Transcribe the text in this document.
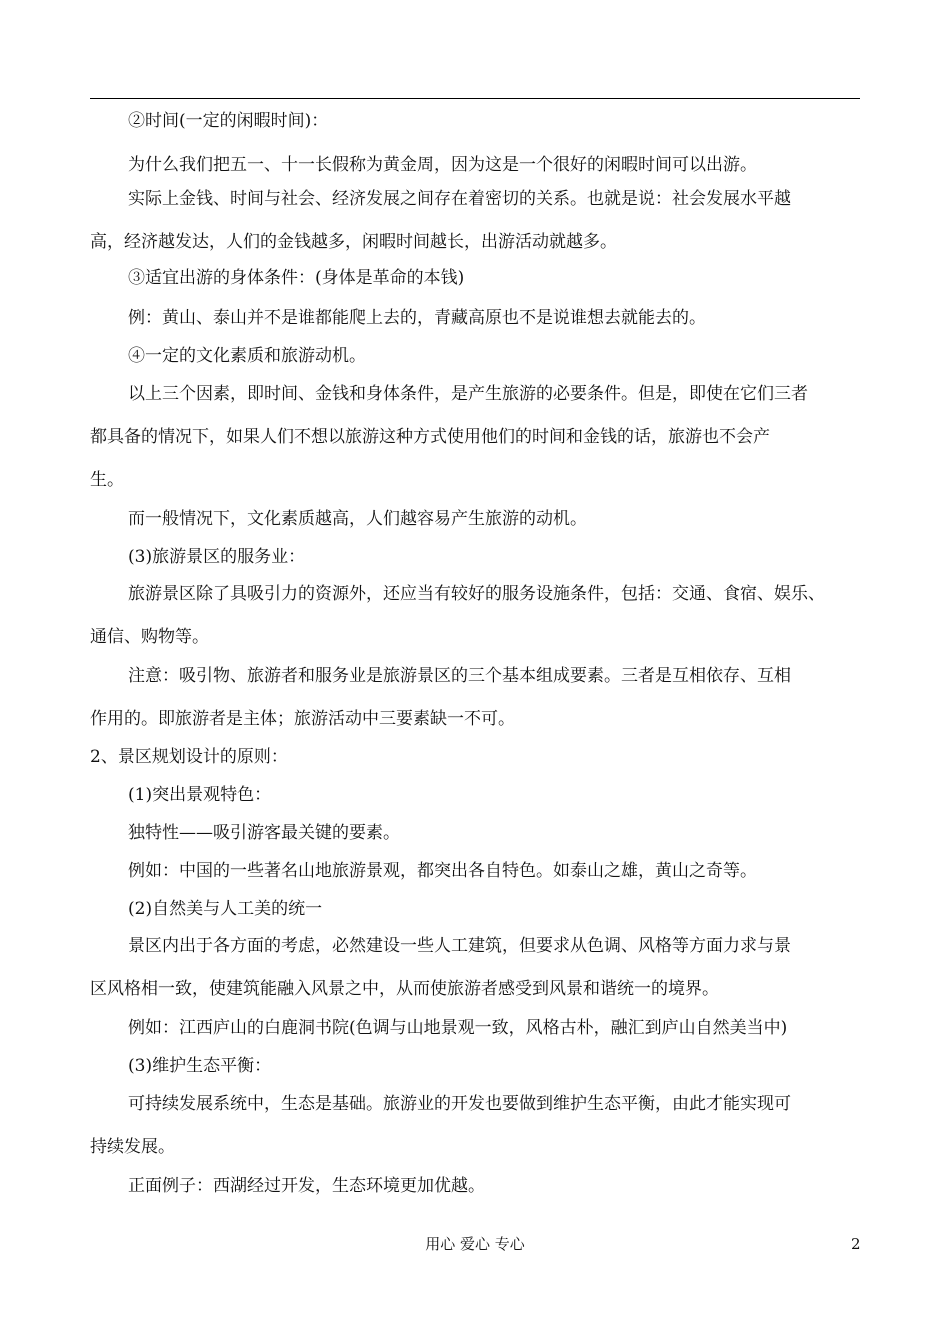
②时间(一定的闲暇时间)：
为什么我们把五一、十一长假称为黄金周，因为这是一个很好的闲暇时间可以出游。
实际上金钱、时间与社会、经济发展之间存在着密切的关系。也就是说：社会发展水平越
高，经济越发达，人们的金钱越多，闲暇时间越长，出游活动就越多。
③适宜出游的身体条件：(身体是革命的本钱)
例：黄山、泰山并不是谁都能爬上去的，青藏高原也不是说谁想去就能去的。
④一定的文化素质和旅游动机。
以上三个因素，即时间、金钱和身体条件，是产生旅游的必要条件。但是，即使在它们三者
都具备的情况下，如果人们不想以旅游这种方式使用他们的时间和金钱的话，旅游也不会产
生。
而一般情况下，文化素质越高，人们越容易产生旅游的动机。
(3)旅游景区的服务业：
旅游景区除了具吸引力的资源外，还应当有较好的服务设施条件，包括：交通、食宿、娱乐、
通信、购物等。
注意：吸引物、旅游者和服务业是旅游景区的三个基本组成要素。三者是互相依存、互相
作用的。即旅游者是主体；旅游活动中三要素缺一不可。
2、景区规划设计的原则：
(1)突出景观特色：
独特性——吸引游客最关键的要素。
例如：中国的一些著名山地旅游景观，都突出各自特色。如泰山之雄，黄山之奇等。
(2)自然美与人工美的统一
景区内出于各方面的考虑，必然建设一些人工建筑，但要求从色调、风格等方面力求与景
区风格相一致，使建筑能融入风景之中，从而使旅游者感受到风景和谐统一的境界。
例如：江西庐山的白鹿洞书院(色调与山地景观一致，风格古朴，融汇到庐山自然美当中)
(3)维护生态平衡：
可持续发展系统中，生态是基础。旅游业的开发也要做到维护生态平衡，由此才能实现可
持续发展。
正面例子：西湖经过开发，生态环境更加优越。
用心 爱心 专心	2
